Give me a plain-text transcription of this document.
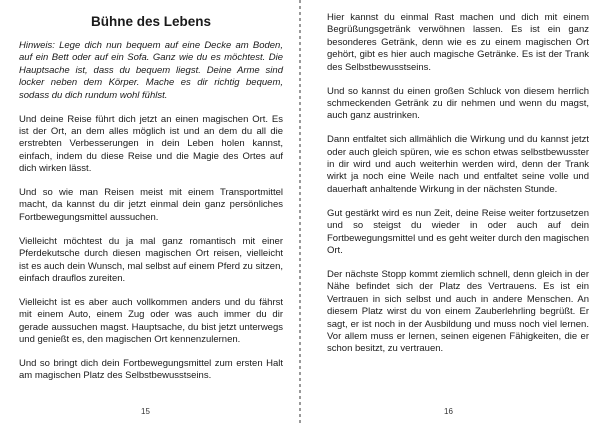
Bühne des Lebens

Hinweis: Lege dich nun bequem auf eine Decke am Boden, auf ein Bett oder auf ein Sofa. Ganz wie du es möchtest. Die Hauptsache ist, dass du bequem liegst. Deine Arme sind locker neben dem Körper. Mache es dir richtig bequem, sodass du dich rundum wohl fühlst.

Und deine Reise führt dich jetzt an einen magischen Ort. Es ist der Ort, an dem alles möglich ist und an dem du all die erstrebten Verbesserungen in dein Leben holen kannst, einfach, indem du diese Reise und die Magie des Ortes auf dich wirken lässt.

Und so wie man Reisen meist mit einem Transportmittel macht, da kannst du dir jetzt einmal dein ganz persönliches Fortbewegungsmittel aussuchen.

Vielleicht möchtest du ja mal ganz romantisch mit einer Pferdekutsche durch diesen magischen Ort reisen, vielleicht ist es auch dein Wunsch, mal selbst auf einem Pferd zu sitzen, einfach drauflos zureiten.

Vielleicht ist es aber auch vollkommen anders und du fährst mit einem Auto, einem Zug oder was auch immer du dir gerade aussuchen magst. Hauptsache, du bist jetzt unterwegs und genießt es, den magischen Ort kennenzulernen.

Und so bringt dich dein Fortbewegungsmittel zum ersten Halt am magischen Platz des Selbstbewusstseins.

15

Hier kannst du einmal Rast machen und dich mit einem Begrüßungsgetränk verwöhnen lassen. Es ist ein ganz besonderes Getränk, denn wie es zu einem magischen Ort gehört, gibt es hier auch magische Getränke. Es ist der Trank des Selbstbewusstseins.

Und so kannst du einen großen Schluck von diesem herrlich schmeckenden Getränk zu dir nehmen und wenn du magst, auch ganz austrinken.

Dann entfaltet sich allmählich die Wirkung und du kannst jetzt oder auch gleich spüren, wie es schon etwas selbstbewusster in dir wird und auch weiterhin werden wird, denn der Trank wirkt ja noch eine Weile nach und entfaltet seine volle und dauerhaft anhaltende Wirkung in der nächsten Stunde.

Gut gestärkt wird es nun Zeit, deine Reise weiter fortzusetzen und so steigst du wieder in oder auch auf dein Fortbewegungsmittel und es geht weiter durch den magischen Ort.

Der nächste Stopp kommt ziemlich schnell, denn gleich in der Nähe befindet sich der Platz des Vertrauens. Es ist ein Vertrauen in sich selbst und auch in andere Menschen. An diesem Platz wirst du von einem Zauberlehrling begrüßt. Er sagt, er ist noch in der Ausbildung und muss noch viel lernen. Vor allem muss er lernen, seinen eigenen Fähigkeiten, die er schon besitzt, zu vertrauen.

16
